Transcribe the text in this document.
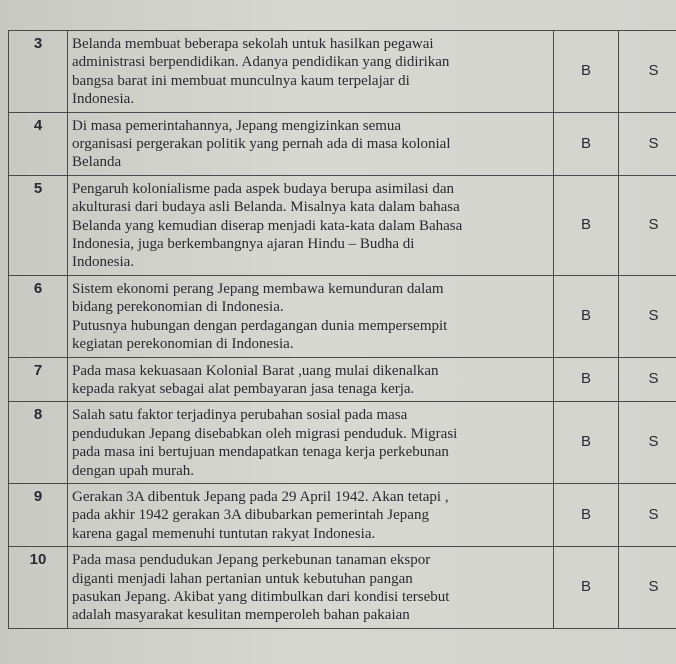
3	Belanda membuat beberapa sekolah untuk hasilkan pegawai
administrasi berpendidikan. Adanya pendidikan yang didirikan
bangsa barat ini membuat munculnya kaum terpelajar di
Indonesia.	B	S
4	Di masa pemerintahannya, Jepang mengizinkan semua
organisasi pergerakan politik yang pernah ada di masa kolonial
Belanda	B	S
5	Pengaruh kolonialisme pada aspek budaya berupa asimilasi dan
akulturasi dari budaya asli Belanda. Misalnya kata dalam bahasa
Belanda yang kemudian diserap menjadi kata-kata dalam Bahasa
Indonesia, juga berkembangnya ajaran Hindu – Budha di
Indonesia.	B	S
6	Sistem ekonomi perang Jepang membawa kemunduran dalam
bidang perekonomian di Indonesia.
Putusnya hubungan dengan perdagangan dunia mempersempit
kegiatan perekonomian di Indonesia.	B	S
7	Pada masa kekuasaan Kolonial Barat ,uang mulai dikenalkan
kepada rakyat sebagai alat pembayaran jasa tenaga kerja.	B	S
8	Salah satu faktor terjadinya perubahan sosial pada masa
pendudukan Jepang disebabkan oleh migrasi penduduk. Migrasi
pada masa ini bertujuan mendapatkan tenaga kerja perkebunan
dengan upah murah.	B	S
9	Gerakan 3A dibentuk Jepang pada 29 April 1942. Akan tetapi ,
pada akhir 1942 gerakan 3A dibubarkan pemerintah Jepang
karena gagal memenuhi tuntutan rakyat Indonesia.	B	S
10	Pada masa pendudukan Jepang perkebunan tanaman ekspor
diganti menjadi lahan pertanian untuk kebutuhan pangan
pasukan Jepang. Akibat yang ditimbulkan dari kondisi tersebut
adalah masyarakat kesulitan memperoleh bahan pakaian	B	S
